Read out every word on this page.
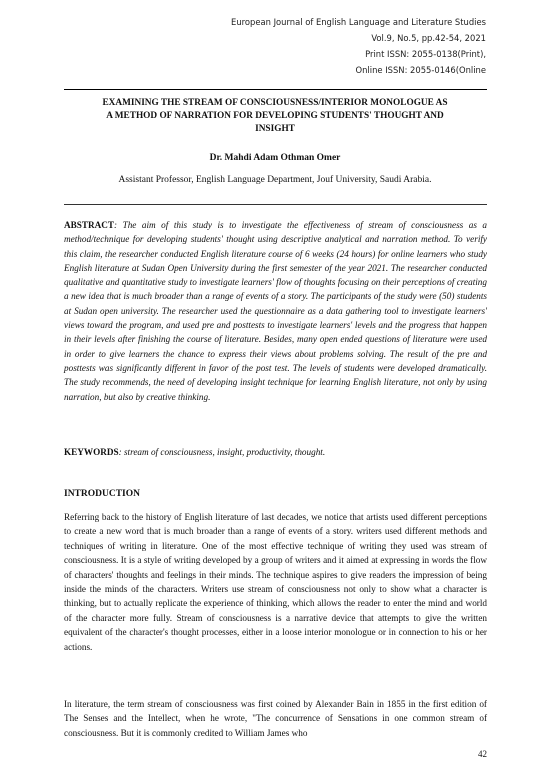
European Journal of English Language and Literature Studies
Vol.9, No.5, pp.42-54, 2021
Print ISSN: 2055-0138(Print),
Online ISSN: 2055-0146(Online
EXAMINING THE STREAM OF CONSCIOUSNESS/INTERIOR MONOLOGUE AS
A METHOD OF NARRATION FOR DEVELOPING STUDENTS' THOUGHT AND
INSIGHT
Dr. Mahdi Adam Othman Omer
Assistant Professor, English Language Department, Jouf University, Saudi Arabia.

ABSTRACT: The aim of this study is to investigate the effectiveness of stream of consciousness as a method/technique for developing students' thought using descriptive analytical and narration method. To verify this claim, the researcher conducted English literature course of 6 weeks (24 hours) for online learners who study English literature at Sudan Open University during the first semester of the year 2021. The researcher conducted qualitative and quantitative study to investigate learners' flow of thoughts focusing on their perceptions of creating a new idea that is much broader than a range of events of a story. The participants of the study were (50) students at Sudan open university. The researcher used the questionnaire as a data gathering tool to investigate learners' views toward the program, and used pre and posttests to investigate learners' levels and the progress that happen in their levels after finishing the course of literature. Besides, many open ended questions of literature were used in order to give learners the chance to express their views about problems solving. The result of the pre and posttests was significantly different in favor of the post test. The levels of students were developed dramatically. The study recommends, the need of developing insight technique for learning English literature, not only by using narration, but also by creative thinking.

KEYWORDS: stream of consciousness, insight, productivity, thought.

INTRODUCTION

Referring back to the history of English literature of last decades, we notice that artists used different perceptions to create a new word that is much broader than a range of events of a story. writers used different methods and techniques of writing in literature. One of the most effective technique of writing they used was stream of consciousness. It is a style of writing developed by a group of writers and it aimed at expressing in words the flow of characters' thoughts and feelings in their minds. The technique aspires to give readers the impression of being inside the minds of the characters. Writers use stream of consciousness not only to show what a character is thinking, but to actually replicate the experience of thinking, which allows the reader to enter the mind and world of the character more fully. Stream of consciousness is a narrative device that attempts to give the written equivalent of the character's thought processes, either in a loose interior monologue or in connection to his or her actions.

In literature, the term stream of consciousness was first coined by Alexander Bain in 1855 in the first edition of The Senses and the Intellect, when he wrote, "The concurrence of Sensations in one common stream of consciousness. But it is commonly credited to William James who

42
